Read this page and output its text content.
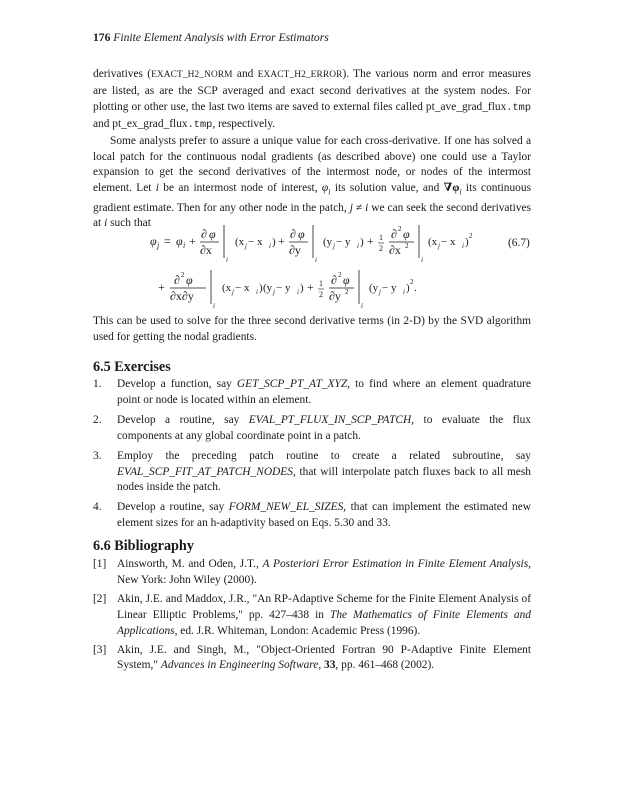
176 Finite Element Analysis with Error Estimators

derivatives (EXACT_H2_NORM and EXACT_H2_ERROR). The various norm and error measures are listed, as are the SCP averaged and exact second derivatives at the system nodes. For plotting or other use, the last two items are saved to external files called pt_ave_grad_flux.tmp and pt_ex_grad_flux.tmp, respectively.

Some analysts prefer to assure a unique value for each cross-derivative. If one has solved a local patch for the continuous nodal gradients (as described above) one could use a Taylor expansion to get the second derivatives of the intermost node, or nodes of the intermost element. Let i be an intermost node of interest, $\varphi_i$ its solution value, and $\nabla\varphi_i$ its continuous gradient estimate. Then for any other node in the patch, j ≠ i we can seek the second derivatives at i such that

φ j = φ i + ∂ φ
∂x
i
(x j − x i ) + ∂ φ
∂y
i
(y j − y i ) + 1
2
∂ 2 φ
∂x 2
i
(x j − x i ) 2
+ ∂ 2 φ
∂x∂y
i
(x j − x i ) (y j − y i ) + 1
2
∂ 2 φ
∂y 2
i
(y j − y i ) 2 .
(6.7)

This can be used to solve for the three second derivative terms (in 2-D) by the SVD algorithm used for getting the nodal gradients.

6.5 Exercises
1. Develop a function, say GET_SCP_PT_AT_XYZ, to find where an element quadrature point or node is located within an element.
2. Develop a routine, say EVAL_PT_FLUX_IN_SCP_PATCH, to evaluate the flux components at any global coordinate point in a patch.
3. Employ the preceding patch routine to create a related subroutine, say EVAL_SCP_FIT_AT_PATCH_NODES, that will interpolate patch fluxes back to all mesh nodes inside the patch.
4. Develop a routine, say FORM_NEW_EL_SIZES, that can implement the estimated new element sizes for an h-adaptivity based on Eqs. 5.30 and 33.
6.6 Bibliography
[1] Ainsworth, M. and Oden, J.T., A Posteriori Error Estimation in Finite Element Analysis, New York: John Wiley (2000).
[2] Akin, J.E. and Maddox, J.R., "An RP-Adaptive Scheme for the Finite Element Analysis of Linear Elliptic Problems," pp. 427–438 in The Mathematics of Finite Elements and Applications, ed. J.R. Whiteman, London: Academic Press (1996).
[3] Akin, J.E. and Singh, M., "Object-Oriented Fortran 90 P-Adaptive Finite Element System," Advances in Engineering Software, 33, pp. 461–468 (2002).
